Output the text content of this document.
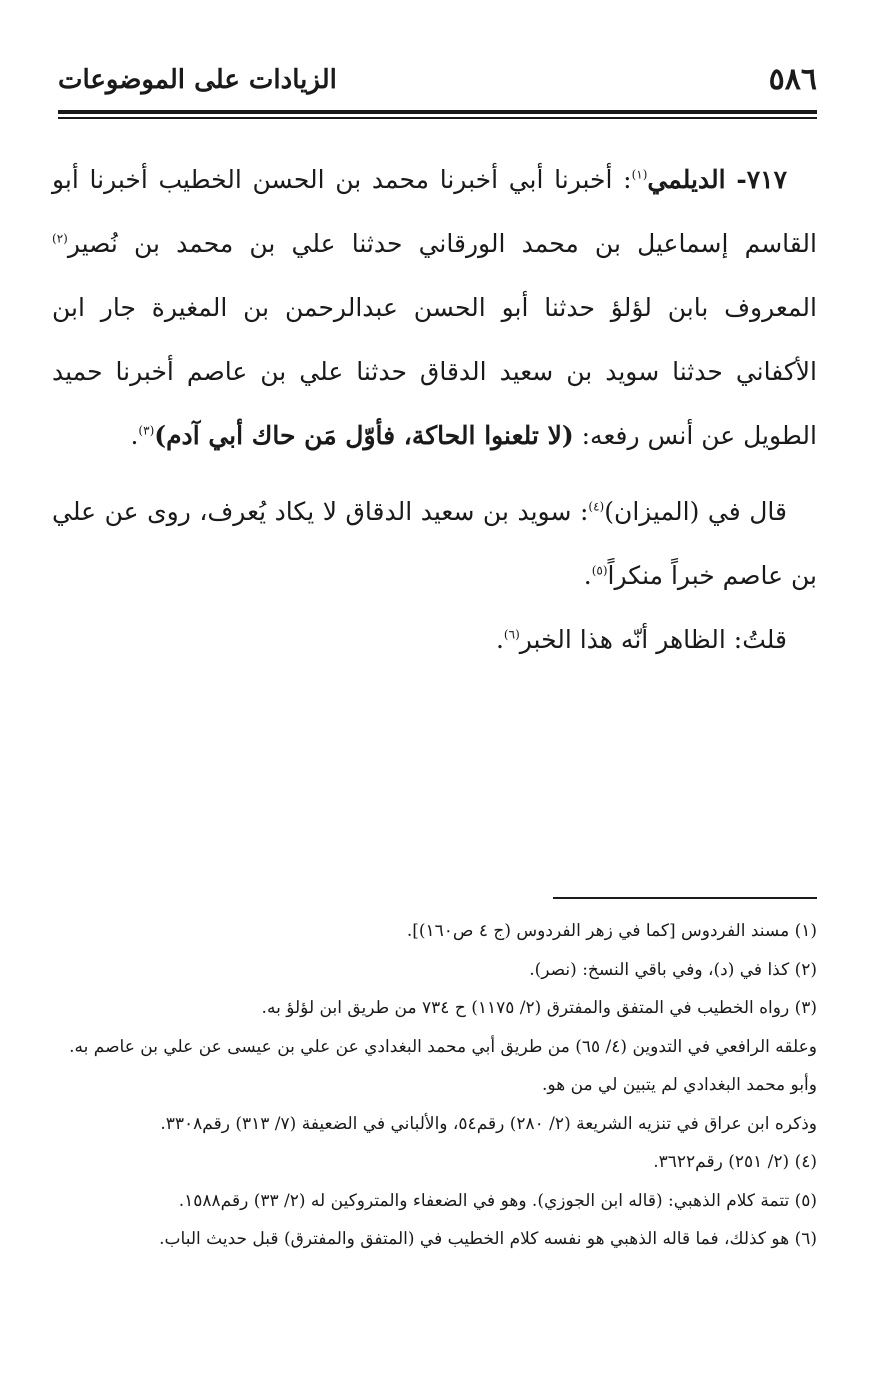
٥٨٦
الزيادات على الموضوعات

٧١٧- الديلمي$^{(١)}$: أخبرنا أبي أخبرنا محمد بن الحسن الخطيب أخبرنا أبو القاسم إسماعيل بن محمد الورقاني حدثنا علي بن محمد بن نُصير$^{(٢)}$ المعروف بابن لؤلؤ حدثنا أبو الحسن عبدالرحمن بن المغيرة جار ابن الأكفاني حدثنا سويد بن سعيد الدقاق حدثنا علي بن عاصم أخبرنا حميد الطويل عن أنس رفعه: (لا تلعنوا الحاكة، فأوّل مَن حاك أبي آدم)$^{(٣)}$.

قال في (الميزان)$^{(٤)}$: سويد بن سعيد الدقاق لا يكاد يُعرف، روى عن علي بن عاصم خبراً منكراً$^{(٥)}$.

قلتُ: الظاهر أنّه هذا الخبر$^{(٦)}$.

(١) مسند الفردوس [كما في زهر الفردوس (ج ٤ ص١٦٠)].

(٢) كذا في (د)، وفي باقي النسخ: (نصر).

(٣) رواه الخطيب في المتفق والمفترق (٢/ ١١٧٥) ح ٧٣٤ من طريق ابن لؤلؤ به.

وعلقه الرافعي في التدوين (٤/ ٦٥) من طريق أبي محمد البغدادي عن علي بن عيسى عن علي بن عاصم به.

وأبو محمد البغدادي لم يتبين لي من هو.

وذكره ابن عراق في تنزيه الشريعة (٢/ ٢٨٠) رقم٥٤، والألباني في الضعيفة (٧/ ٣١٣) رقم٣٣٠٨.

(٤) (٢/ ٢٥١) رقم٣٦٢٢.

(٥) تتمة كلام الذهبي: (قاله ابن الجوزي). وهو في الضعفاء والمتروكين له (٢/ ٣٣) رقم١٥٨٨.

(٦) هو كذلك، فما قاله الذهبي هو نفسه كلام الخطيب في (المتفق والمفترق) قبل حديث الباب.
